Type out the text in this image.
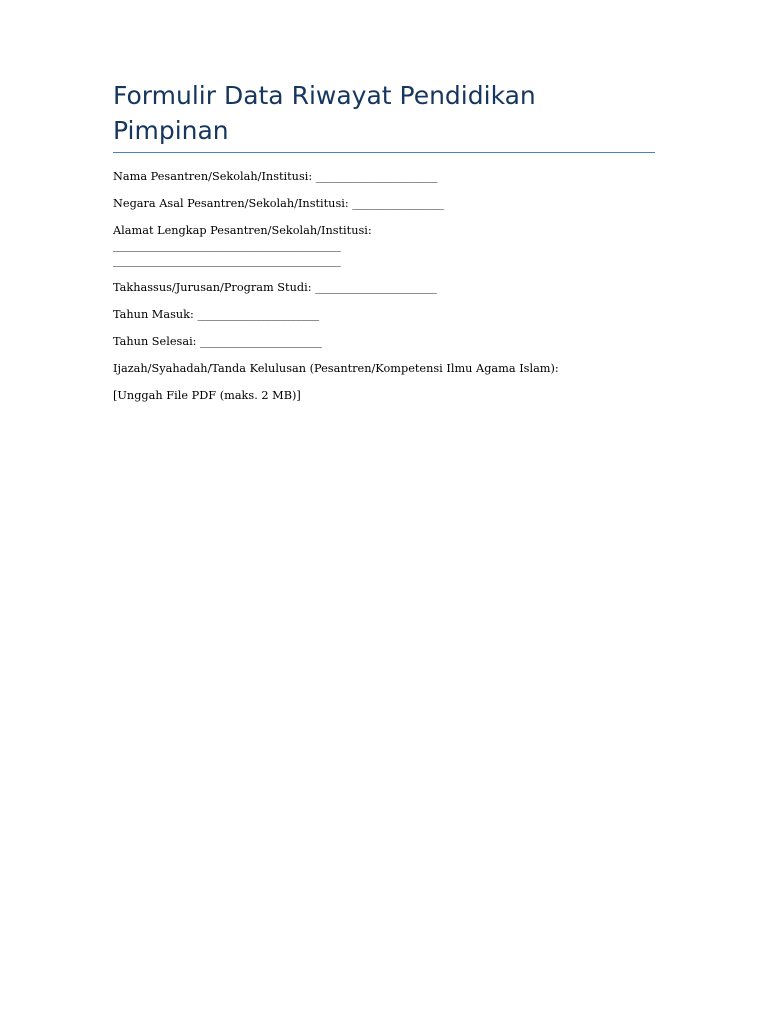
Formulir Data Riwayat Pendidikan Pimpinan
Nama Pesantren/Sekolah/Institusi: ________________________
Negara Asal Pesantren/Sekolah/Institusi: __________________
Alamat Lengkap Pesantren/Sekolah/Institusi:
_____________________________________________
_____________________________________________
Takhassus/Jurusan/Program Studi: ________________________
Tahun Masuk: ________________________
Tahun Selesai: ________________________
Ijazah/Syahadah/Tanda Kelulusan (Pesantren/Kompetensi Ilmu Agama Islam):
[Unggah File PDF (maks. 2 MB)]
